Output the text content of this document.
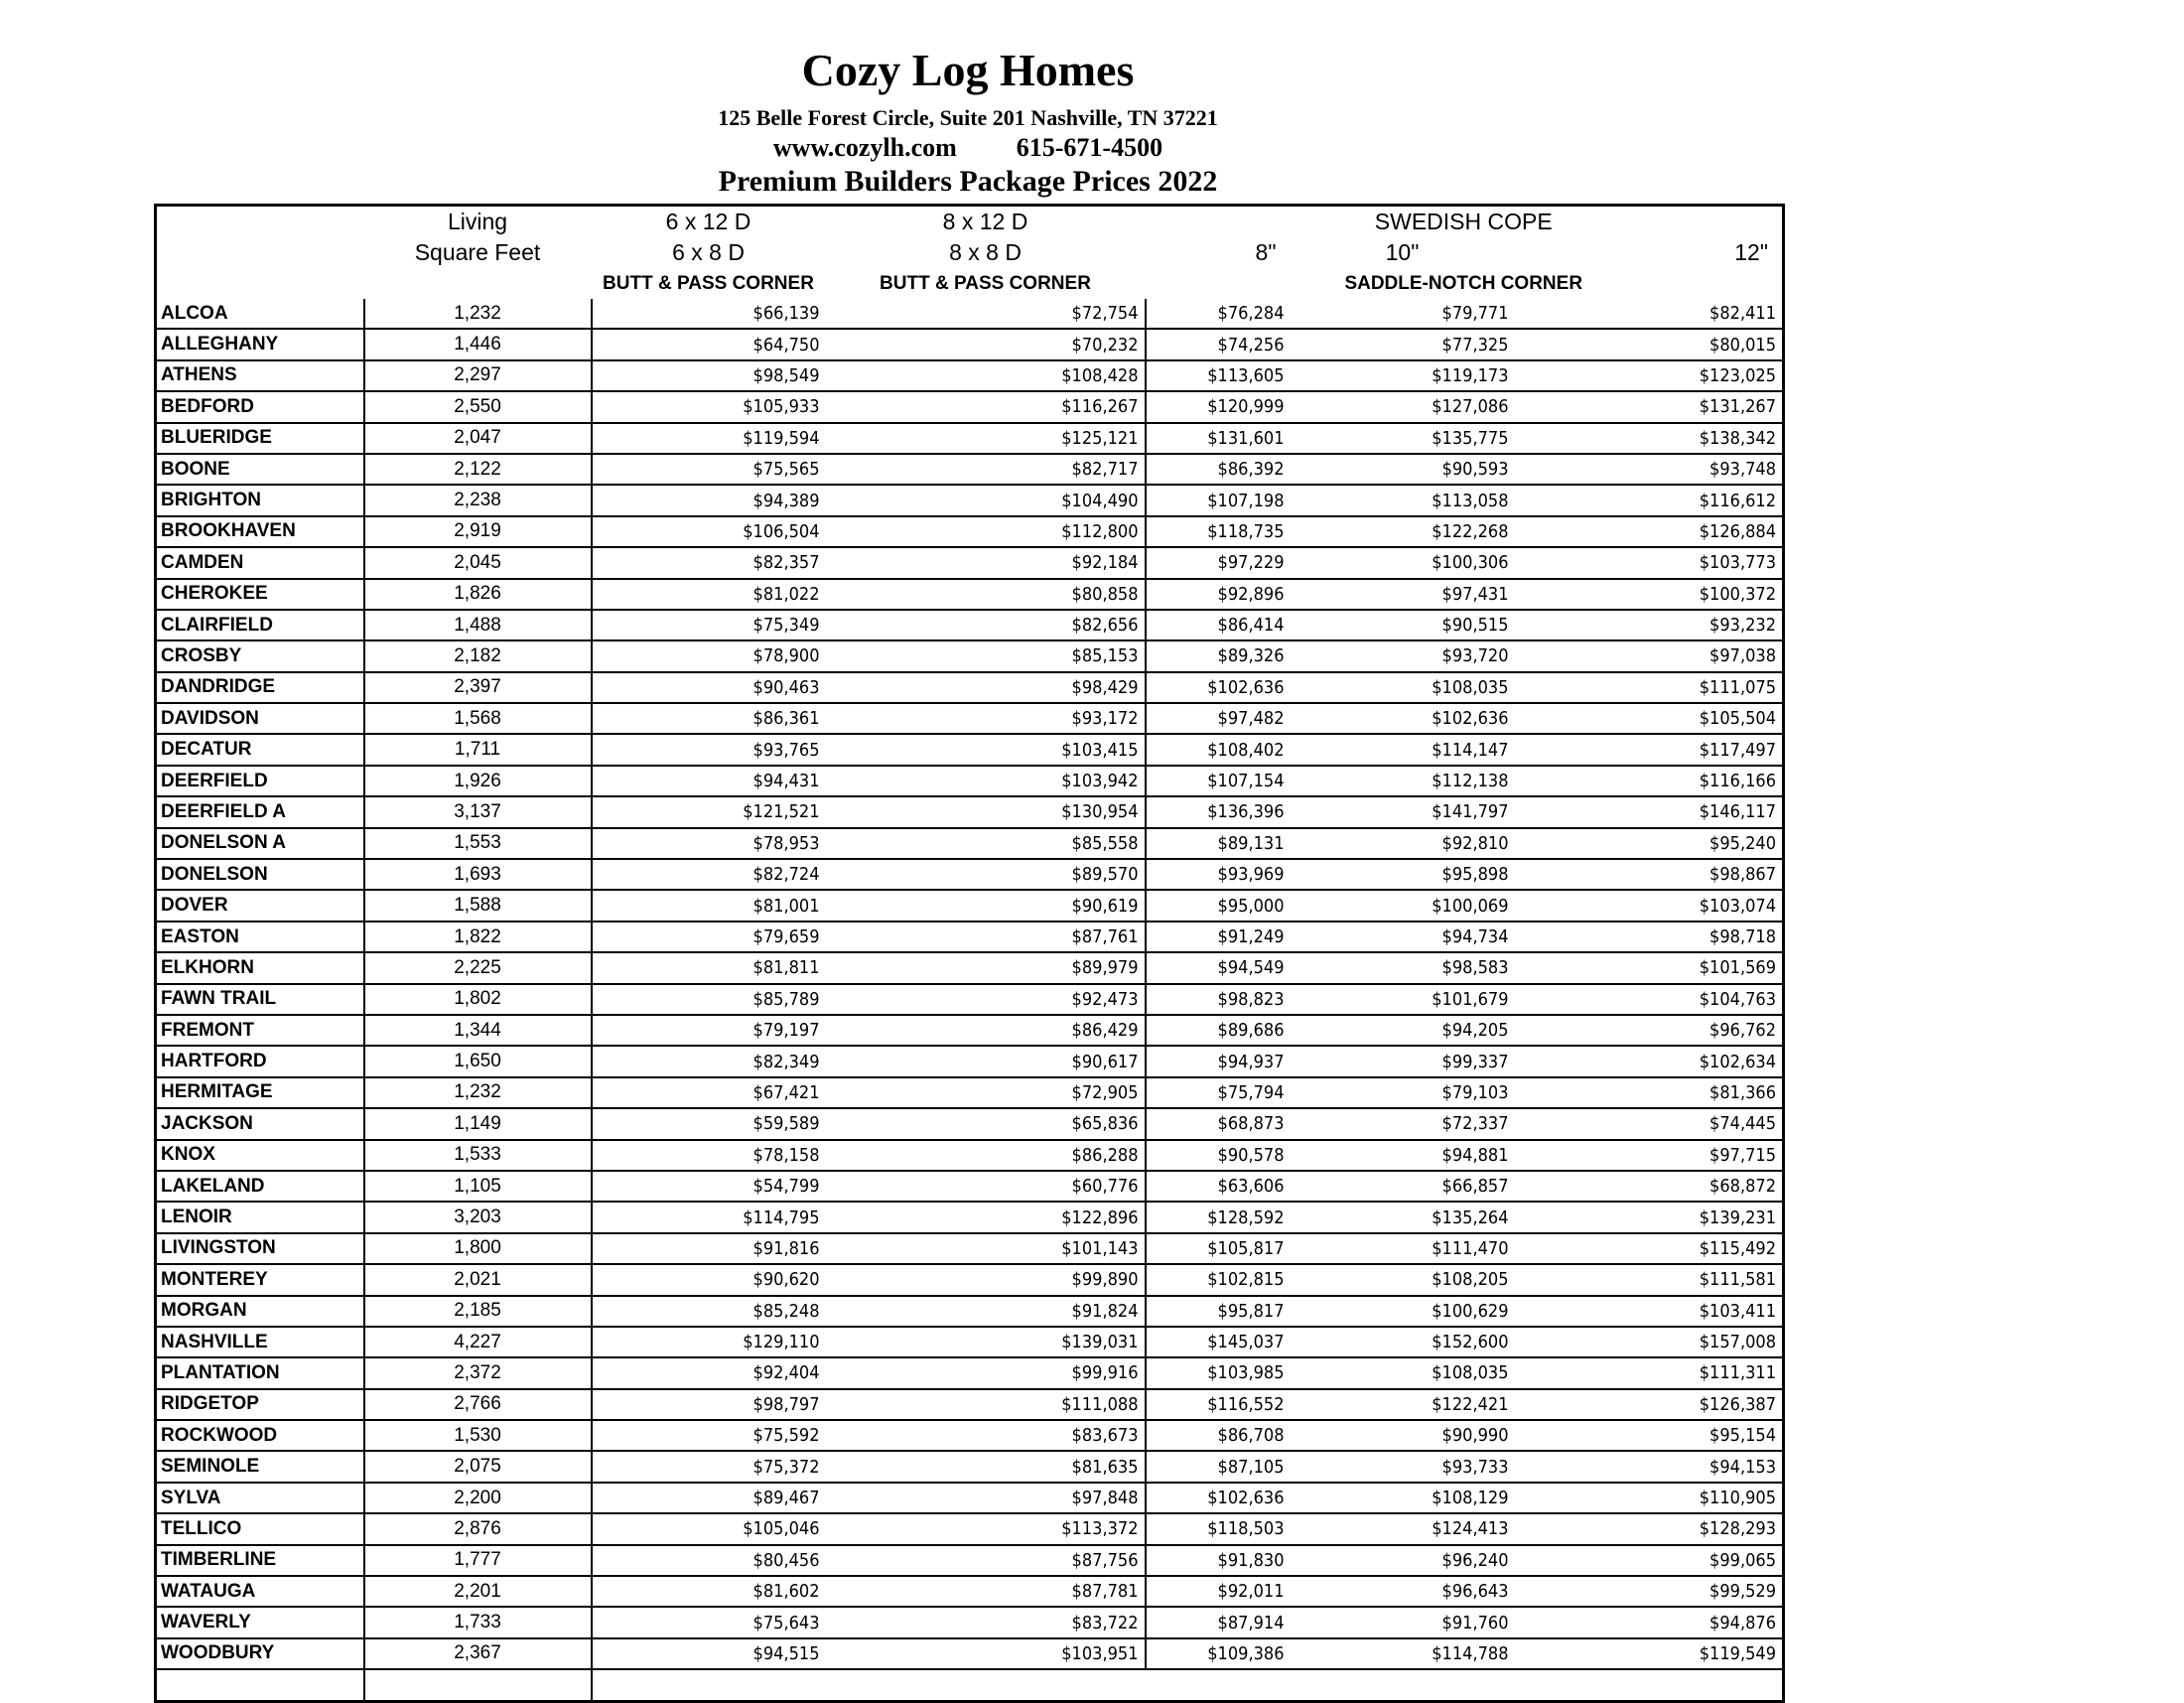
Cozy Log Homes
125 Belle Forest Circle, Suite 201 Nashville, TN 37221
www.cozylh.com 615-671-4500
Premium Builders Package Prices 2022
	Living	6 x 12 D	8 x 12 D	SWEDISH COPE		
	Square Feet	6 x 8 D	8 x 8 D	8"	10"	12"
		BUTT & PASS CORNER	BUTT & PASS CORNER	SADDLE-NOTCH CORNER		
ALCOA	1,232	$66,139	$72,754	$76,284	$79,771	$82,411
ALLEGHANY	1,446	$64,750	$70,232	$74,256	$77,325	$80,015
ATHENS	2,297	$98,549	$108,428	$113,605	$119,173	$123,025
BEDFORD	2,550	$105,933	$116,267	$120,999	$127,086	$131,267
BLUERIDGE	2,047	$119,594	$125,121	$131,601	$135,775	$138,342
BOONE	2,122	$75,565	$82,717	$86,392	$90,593	$93,748
BRIGHTON	2,238	$94,389	$104,490	$107,198	$113,058	$116,612
BROOKHAVEN	2,919	$106,504	$112,800	$118,735	$122,268	$126,884
CAMDEN	2,045	$82,357	$92,184	$97,229	$100,306	$103,773
CHEROKEE	1,826	$81,022	$80,858	$92,896	$97,431	$100,372
CLAIRFIELD	1,488	$75,349	$82,656	$86,414	$90,515	$93,232
CROSBY	2,182	$78,900	$85,153	$89,326	$93,720	$97,038
DANDRIDGE	2,397	$90,463	$98,429	$102,636	$108,035	$111,075
DAVIDSON	1,568	$86,361	$93,172	$97,482	$102,636	$105,504
DECATUR	1,711	$93,765	$103,415	$108,402	$114,147	$117,497
DEERFIELD	1,926	$94,431	$103,942	$107,154	$112,138	$116,166
DEERFIELD A	3,137	$121,521	$130,954	$136,396	$141,797	$146,117
DONELSON A	1,553	$78,953	$85,558	$89,131	$92,810	$95,240
DONELSON	1,693	$82,724	$89,570	$93,969	$95,898	$98,867
DOVER	1,588	$81,001	$90,619	$95,000	$100,069	$103,074
EASTON	1,822	$79,659	$87,761	$91,249	$94,734	$98,718
ELKHORN	2,225	$81,811	$89,979	$94,549	$98,583	$101,569
FAWN TRAIL	1,802	$85,789	$92,473	$98,823	$101,679	$104,763
FREMONT	1,344	$79,197	$86,429	$89,686	$94,205	$96,762
HARTFORD	1,650	$82,349	$90,617	$94,937	$99,337	$102,634
HERMITAGE	1,232	$67,421	$72,905	$75,794	$79,103	$81,366
JACKSON	1,149	$59,589	$65,836	$68,873	$72,337	$74,445
KNOX	1,533	$78,158	$86,288	$90,578	$94,881	$97,715
LAKELAND	1,105	$54,799	$60,776	$63,606	$66,857	$68,872
LENOIR	3,203	$114,795	$122,896	$128,592	$135,264	$139,231
LIVINGSTON	1,800	$91,816	$101,143	$105,817	$111,470	$115,492
MONTEREY	2,021	$90,620	$99,890	$102,815	$108,205	$111,581
MORGAN	2,185	$85,248	$91,824	$95,817	$100,629	$103,411
NASHVILLE	4,227	$129,110	$139,031	$145,037	$152,600	$157,008
PLANTATION	2,372	$92,404	$99,916	$103,985	$108,035	$111,311
RIDGETOP	2,766	$98,797	$111,088	$116,552	$122,421	$126,387
ROCKWOOD	1,530	$75,592	$83,673	$86,708	$90,990	$95,154
SEMINOLE	2,075	$75,372	$81,635	$87,105	$93,733	$94,153
SYLVA	2,200	$89,467	$97,848	$102,636	$108,129	$110,905
TELLICO	2,876	$105,046	$113,372	$118,503	$124,413	$128,293
TIMBERLINE	1,777	$80,456	$87,756	$91,830	$96,240	$99,065
WATAUGA	2,201	$81,602	$87,781	$92,011	$96,643	$99,529
WAVERLY	1,733	$75,643	$83,722	$87,914	$91,760	$94,876
WOODBURY	2,367	$94,515	$103,951	$109,386	$114,788	$119,549
